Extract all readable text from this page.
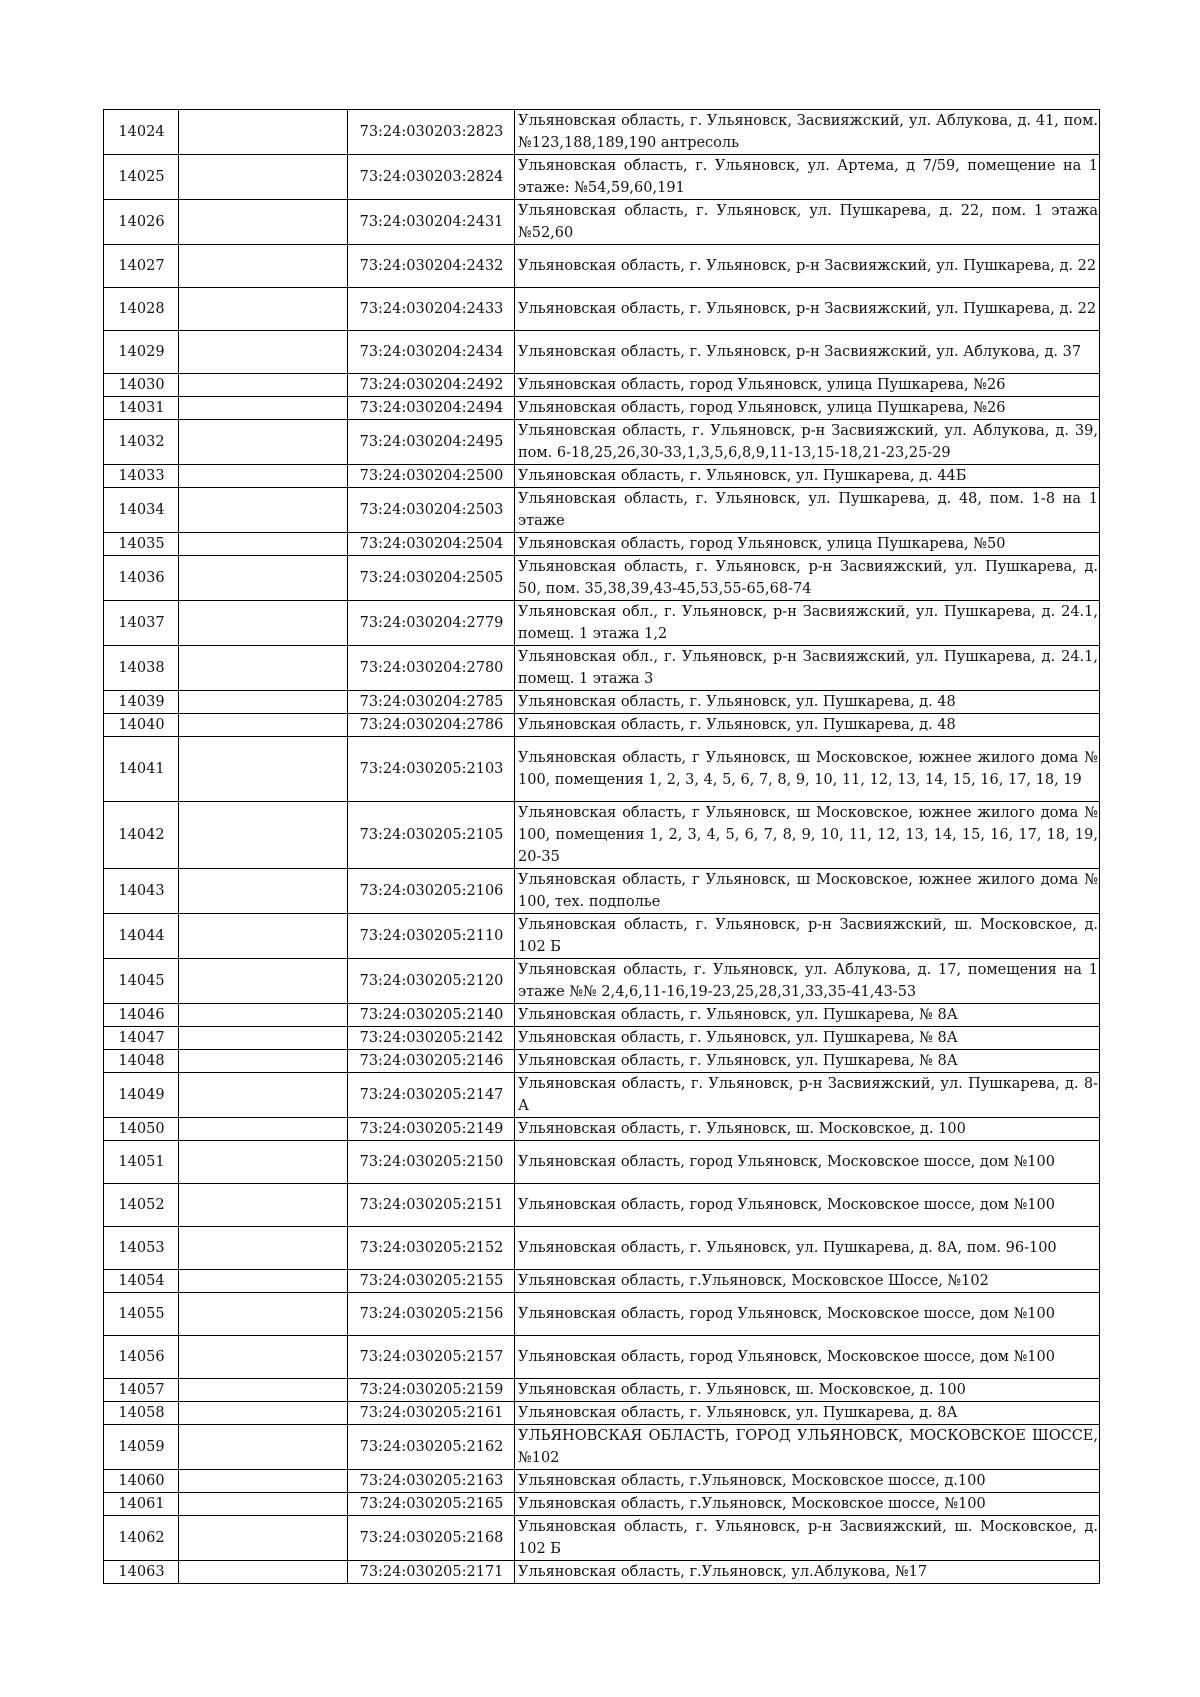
14024		73:24:030203:2823	Ульяновская область, г. Ульяновск, Засвияжский, ул. Аблукова, д. 41, пом. №123,188,189,190 антресоль
14025		73:24:030203:2824	Ульяновская область, г. Ульяновск, ул. Артема, д 7/59, помещение на 1 этаже: №54,59,60,191
14026		73:24:030204:2431	Ульяновская область, г. Ульяновск, ул. Пушкарева, д. 22, пом. 1 этажа №52,60
14027		73:24:030204:2432	Ульяновская область, г. Ульяновск, р-н Засвияжский, ул. Пушкарева, д. 22
14028		73:24:030204:2433	Ульяновская область, г. Ульяновск, р-н Засвияжский, ул. Пушкарева, д. 22
14029		73:24:030204:2434	Ульяновская область, г. Ульяновск, р-н Засвияжский, ул. Аблукова, д. 37
14030		73:24:030204:2492	Ульяновская область, город Ульяновск, улица Пушкарева, №26
14031		73:24:030204:2494	Ульяновская область, город Ульяновск, улица Пушкарева, №26
14032		73:24:030204:2495	Ульяновская область, г. Ульяновск, р-н Засвияжский, ул. Аблукова, д. 39, пом. 6-18,25,26,30-33,1,3,5,6,8,9,11-13,15-18,21-23,25-29
14033		73:24:030204:2500	Ульяновская область, г. Ульяновск, ул. Пушкарева, д. 44Б
14034		73:24:030204:2503	Ульяновская область, г. Ульяновск, ул. Пушкарева, д. 48, пом. 1-8 на 1 этаже
14035		73:24:030204:2504	Ульяновская область, город Ульяновск, улица Пушкарева, №50
14036		73:24:030204:2505	Ульяновская область, г. Ульяновск, р-н Засвияжский, ул. Пушкарева, д. 50, пом. 35,38,39,43-45,53,55-65,68-74
14037		73:24:030204:2779	Ульяновская обл., г. Ульяновск, р-н Засвияжский, ул. Пушкарева, д. 24.1, помещ. 1 этажа 1,2
14038		73:24:030204:2780	Ульяновская обл., г. Ульяновск, р-н Засвияжский, ул. Пушкарева, д. 24.1, помещ. 1 этажа 3
14039		73:24:030204:2785	Ульяновская область, г. Ульяновск, ул. Пушкарева, д. 48
14040		73:24:030204:2786	Ульяновская область, г. Ульяновск, ул. Пушкарева, д. 48
14041		73:24:030205:2103	Ульяновская область, г Ульяновск, ш Московское, южнее жилого дома № 100, помещения 1, 2, 3, 4, 5, 6, 7, 8, 9, 10, 11, 12, 13, 14, 15, 16, 17, 18, 19
14042		73:24:030205:2105	Ульяновская область, г Ульяновск, ш Московское, южнее жилого дома № 100, помещения 1, 2, 3, 4, 5, 6, 7, 8, 9, 10, 11, 12, 13, 14, 15, 16, 17, 18, 19, 20-35
14043		73:24:030205:2106	Ульяновская область, г Ульяновск, ш Московское, южнее жилого дома № 100, тех. подполье
14044		73:24:030205:2110	Ульяновская область, г. Ульяновск, р-н Засвияжский, ш. Московское, д. 102 Б
14045		73:24:030205:2120	Ульяновская область, г. Ульяновск, ул. Аблукова, д. 17, помещения на 1 этаже №№ 2,4,6,11-16,19-23,25,28,31,33,35-41,43-53
14046		73:24:030205:2140	Ульяновская область, г. Ульяновск, ул. Пушкарева, № 8А
14047		73:24:030205:2142	Ульяновская область, г. Ульяновск, ул. Пушкарева, № 8А
14048		73:24:030205:2146	Ульяновская область, г. Ульяновск, ул. Пушкарева, № 8А
14049		73:24:030205:2147	Ульяновская область, г. Ульяновск, р-н Засвияжский, ул. Пушкарева, д. 8-А
14050		73:24:030205:2149	Ульяновская область, г. Ульяновск, ш. Московское, д. 100
14051		73:24:030205:2150	Ульяновская область, город Ульяновск, Московское шоссе, дом №100
14052		73:24:030205:2151	Ульяновская область, город Ульяновск, Московское шоссе, дом №100
14053		73:24:030205:2152	Ульяновская область, г. Ульяновск, ул. Пушкарева, д. 8А, пом. 96-100
14054		73:24:030205:2155	Ульяновская область, г.Ульяновск, Московское Шоссе, №102
14055		73:24:030205:2156	Ульяновская область, город Ульяновск, Московское шоссе, дом №100
14056		73:24:030205:2157	Ульяновская область, город Ульяновск, Московское шоссе, дом №100
14057		73:24:030205:2159	Ульяновская область, г. Ульяновск, ш. Московское, д. 100
14058		73:24:030205:2161	Ульяновская область, г. Ульяновск, ул. Пушкарева, д. 8А
14059		73:24:030205:2162	УЛЬЯНОВСКАЯ ОБЛАСТЬ, ГОРОД УЛЬЯНОВСК, МОСКОВСКОЕ ШОССЕ, №102
14060		73:24:030205:2163	Ульяновская область, г.Ульяновск, Московское шоссе, д.100
14061		73:24:030205:2165	Ульяновская область, г.Ульяновск, Московское шоссе, №100
14062		73:24:030205:2168	Ульяновская область, г. Ульяновск, р-н Засвияжский, ш. Московское, д. 102 Б
14063		73:24:030205:2171	Ульяновская область, г.Ульяновск, ул.Аблукова, №17
